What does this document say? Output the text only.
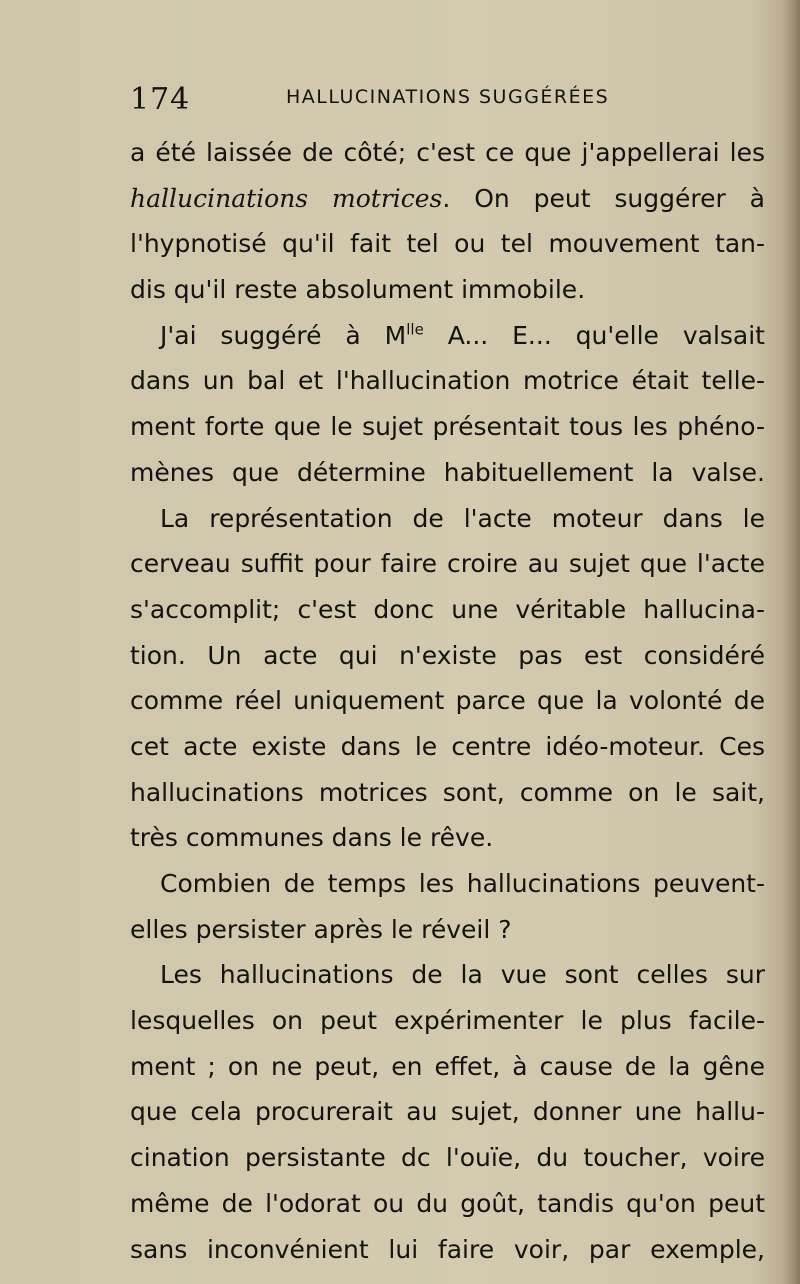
174	HALLUCINATIONS SUGGÉRÉES
a été laissée de côté; c'est ce que j'appellerai les
hallucinations motrices. On peut suggérer à
l'hypnotisé qu'il fait tel ou tel mouvement tan-
dis qu'il reste absolument immobile.
J'ai suggéré à $M^{lle}$ A... E... qu'elle valsait
dans un bal et l'hallucination motrice était telle-
ment forte que le sujet présentait tous les phéno-
mènes que détermine habituellement la valse.
La représentation de l'acte moteur dans le
cerveau suffit pour faire croire au sujet que l'acte
s'accomplit; c'est donc une véritable hallucina-
tion. Un acte qui n'existe pas est considéré
comme réel uniquement parce que la volonté de
cet acte existe dans le centre idéo-moteur. Ces
hallucinations motrices sont, comme on le sait,
très communes dans le rêve.
Combien de temps les hallucinations peuvent-
elles persister après le réveil ?
Les hallucinations de la vue sont celles sur
lesquelles on peut expérimenter le plus facile-
ment ; on ne peut, en effet, à cause de la gêne
que cela procurerait au sujet, donner une hallu-
cination persistante dc l'ouïe, du toucher, voire
même de l'odorat ou du goût, tandis qu'on peut
sans inconvénient lui faire voir, par exemple,
